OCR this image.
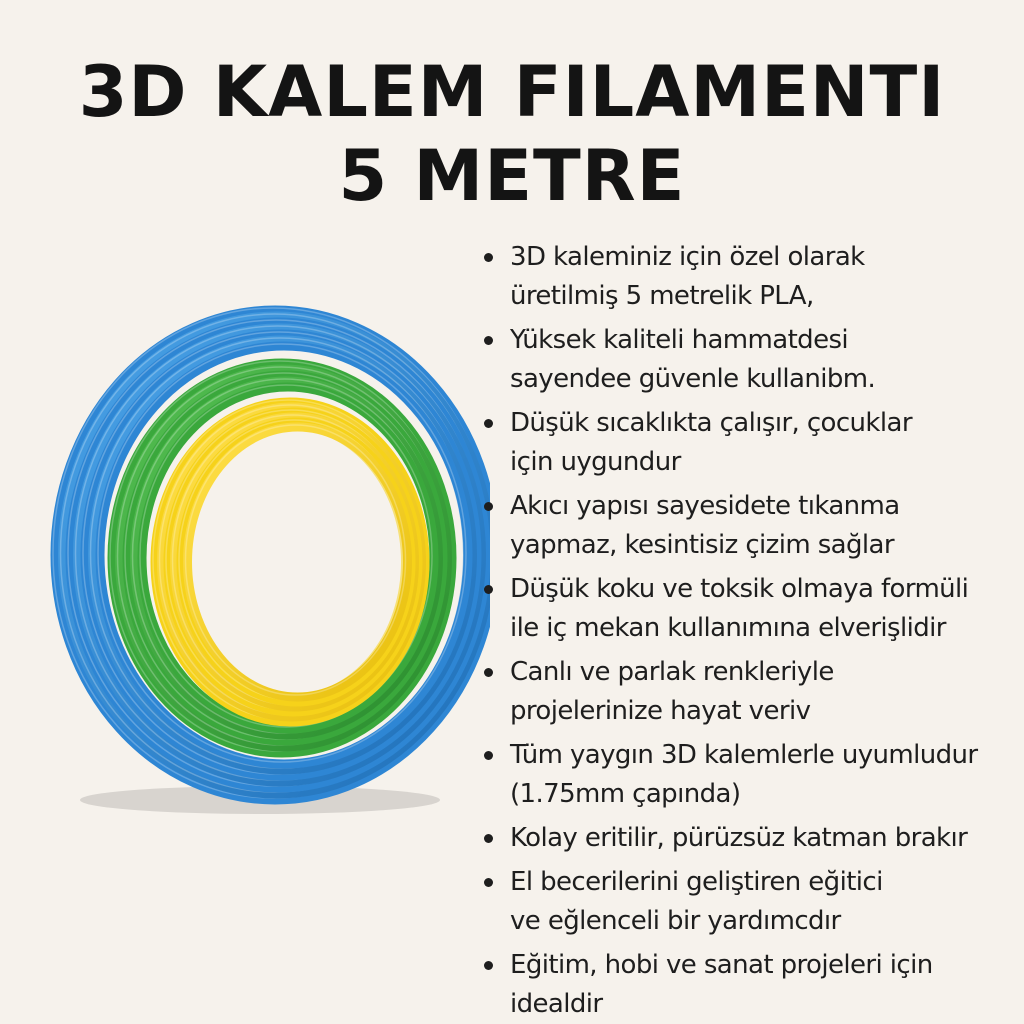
3D KALEM FILAMENTI
5 METRE
3D kaleminiz için özel olarak
üretilmiş 5 metrelik PLA,
Yüksek kaliteli hammatdesi
sayendee güvenle kullanibm.
Düşük sıcaklıkta çalışır, çocuklar
için uygundur
Akıcı yapısı sayesidete tıkanma
yapmaz, kesintisiz çizim sağlar
Düşük koku ve toksik olmaya formüli
ile iç mekan kullanımına elverişlidir
Canlı ve parlak renkleriyle
projelerinize hayat veriv
Tüm yaygın 3D kalemlerle uyumludur
(1.75mm çapında)
Kolay eritilir, pürüzsüz katman brakır
El becerilerini geliştiren eğitici
ve eğlenceli bir yardımcdır
Eğitim, hobi ve sanat projeleri için
idealdir
